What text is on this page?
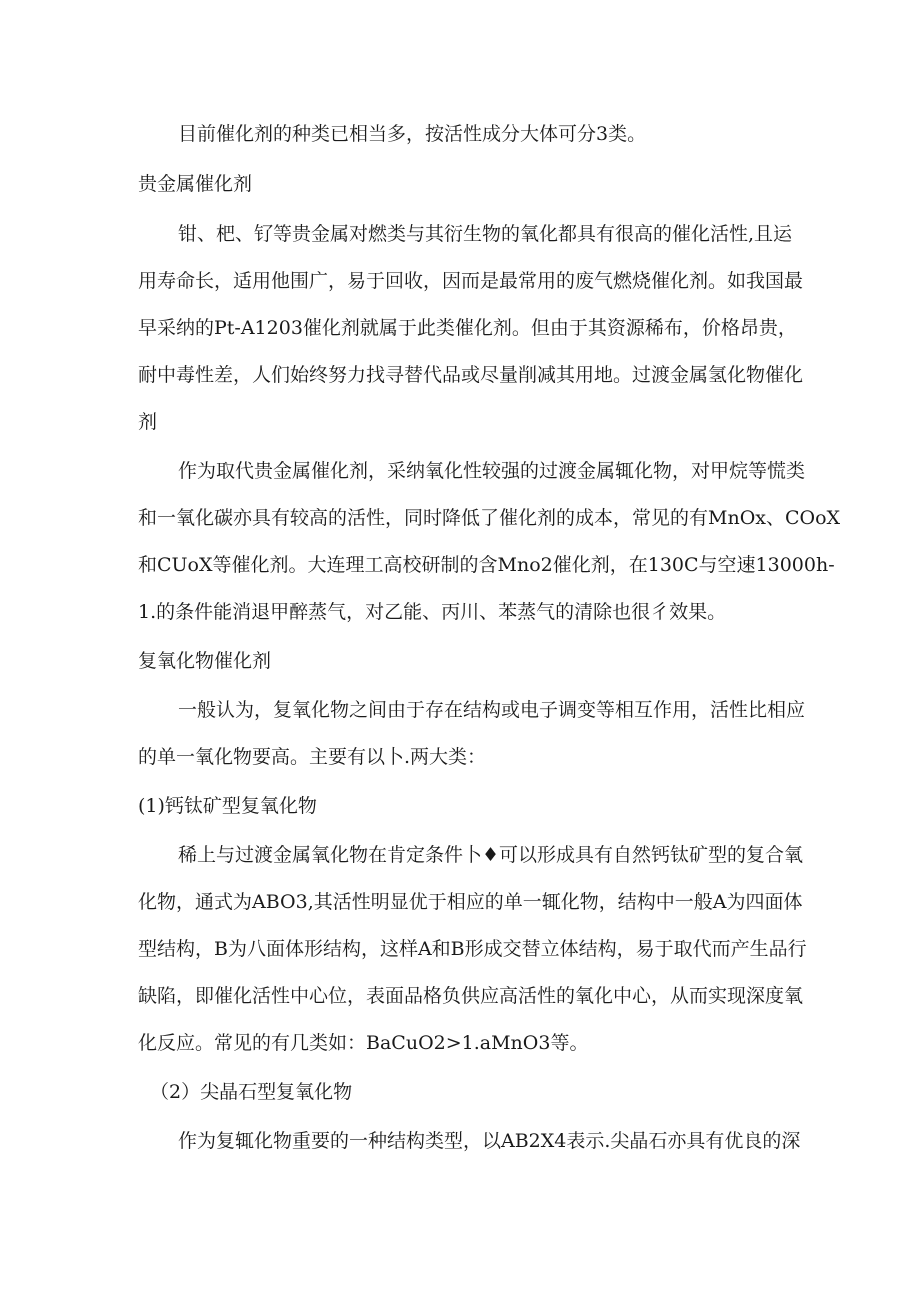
目前催化剂的种类已相当多，按活性成分大体可分3类。
贵金属催化剂
钳、杷、钌等贵金属对燃类与其衍生物的氧化都具有很高的催化活性,且运
用寿命长，适用他围广，易于回收，因而是最常用的废气燃烧催化剂。如我国最
早采纳的Pt-A1203催化剂就属于此类催化剂。但由于其资源稀布，价格昂贵，
耐中毒性差，人们始终努力找寻替代品或尽量削减其用地。过渡金属氢化物催化
剂
作为取代贵金属催化剂，采纳氧化性较强的过渡金属辄化物，对甲烷等慌类
和一氧化碳亦具有较高的活性，同时降低了催化剂的成本，常见的有MnOx、COoX
和CUoX等催化剂。大连理工高校研制的含Mno2催化剂，在130C与空速13000h-
1.的条件能消退甲醉蒸气，对乙能、丙川、苯蒸气的清除也很彳效果。
复氧化物催化剂
一般认为，复氧化物之间由于存在结构或电子调变等相互作用，活性比相应
的单一氧化物要高。主要有以卜.两大类：
(1)钙钛矿型复氧化物
稀上与过渡金属氧化物在肯定条件卜♦可以形成具有自然钙钛矿型的复合氧
化物，通式为ABO3,其活性明显优于相应的单一辄化物，结构中一般A为四面体
型结构，B为八面体形结构，这样A和B形成交替立体结构，易于取代而产生品行
缺陷，即催化活性中心位，表面品格负供应高活性的氧化中心，从而实现深度氧
化反应。常见的有几类如：BaCuO2>1.aMnO3等。
（2）尖晶石型复氧化物
作为复辄化物重要的一种结构类型，以AB2X4表示.尖晶石亦具有优良的深
